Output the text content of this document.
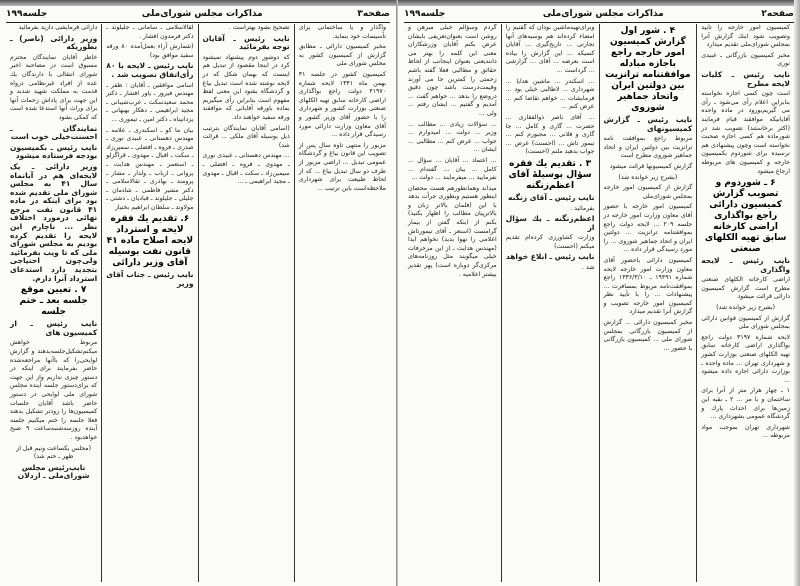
صفحه۳
مذاکرات مجلس شورای‌ملی
جلسه۱۹۹

واگذار و یا ساختمانی برای تأسیسات خود بنماید.

مخبر کمیسیون دارائی ـ مطابق گزارش از کمیسیون کشور به مجلس شورای ملی

کمیسیون کشور در جلسه ۳۱ بهمن ماه ۱۳۴۱ لایحه شماره ۴۱۹۷۰ دولت راجع بواگذاری اراضی کارخانه سابق تهیه الکلهای صنعتی بوزارت کشور و شهرداری را با حضور آقای وزیر کشور و آقای معاون وزارت دارائی مورد رسیدگی قرار داده ...

مزبور را منتهی تاوه سال پس از تصویب این قانون بیاغ و گردشگاه عمومی تبدیل ... اراضی مزبور از طرف دو سال تبدیل بیاغ ... که از لحاظ طبیعت برای شهرداری ملاحظه‌است باین ترتیب ...

تصحیح بشود بهتراست .

نایب رئیس ـ آقایان توجه بفرمائید

که دوشور دوم پیشنهاد نمیشود کرد در اینجا مقصود از تبدیل هم اینست که بهمان شکل که در لایحه نوشته شده است تبدیل بیاغ و گردشگاه بشود این معنی لفظ مفهوم است بنابراین رأی میگیریم بماده باورقه آقایانی که موافقند ورقه سفید خواهند داد.

(اسامی آقایان نمایندگان بترتیب ذیل بوسیله آقای ملکی ... قرائت شد)

... مهندس دهستانی ـ عبیدی نوری ـ مهدوی ـ فروه ـ افضلی ـ سیمین‌زاد ـ سکت ـ اقبال ـ مهدوی ـ مجید ابراهیمی ـ ...

لقالاسلامی ـ سامانی ـ جلیلوند ـ دکتر فرمدون افشار .

(شمارش آراء بعمل‌آمده ۸۰ ورقه سفید موافق بود)

نایب رئیس ـ لایحه با ۸۰ رأی‌اتفاق تصویب شد .

اسامی موافقین ـ آقایان : ظفر ـ مهندس فیروز ـ یاور افشار ـ دکتر محمد سعید‌سکت ـ عرب‌شیبانی ـ مجید ابراهیمی ـ دهکار بهبهانی ـ یزدانپناه ـ دکتر امین ـ تیموری ...

بیان ما کو ـ اسکندری ـ علامه ـ مهندس دهستانی ـ عبیدی نوری ـ صدری ـ فروه ـ افضلی ـ سمین‌زاد ـ سکت ـ اقبال ـ مهدوی ـ قراگزلو ـ استعمر ـ مهندس هدایت ـ پروانی ـ ارباب ـ ولدار ـ مشار ـ پرومند ـ بهادری ـ ثقالاسلامی ـ دکتر مشیر فاطمی ـ شادمان ـ جلیلی ـ جلیلوند ـ قبادیان ـ دشتی ـ مولاوند ـ سلطان ابراهیم بختیار

۶. تقدیم یك فقره لایحه و استرداد لایحه اصلاح ماده ۴۱ قانون نفت بوسیله آقای وزیر دارائی

نایب رئیس ـ جناب آقای وزیر

دارائی فرمایشی دارید بفرمائید

وزیر دارائی (ناصر) ـ بطوریکه

خاطر آقایان نمایندگان محترم مسبوق است در مصاحبه اخیر شورای انتقالی با دارندگان یك عده از افراد غیرنظامی درواه قدمت به مملکت شهید شدند و این جهت برای پاداش زحمات آنها برای وراث آنها استدعا شده است که کمکی بشود

نمایندگان ـ احسنت‌خیلی خوب است

نایب رئیس ـ بکمیسیون بودجه فرستاده میشود

وزیر دارائی ـ یک لایحه‌ای هم در آبانماه سال ۴۱ به مجلس شورای ملی تقدیم شده بود برای اینکه در ماده ۴۱ قانون نفت مرجع نهائی درمورد اختلاف نظر ... ناچارم این لایحه را تقدیم کرده بودیم به مجلس شورای ملی که تا ویب بفرمائید ولی‌چون احتیاجی بتجدید دارد استدعای استرداد آنرا دارم.

۷ . تعیین موقع جلسه بعد ـ ختم جلسه

نایب رئیس ـ از کمیسیون های

مربوط خواهش میکنم‌تشکیل‌جلسه‌بدهند و گزارش لوایحی‌را که باآنها مراجعه‌شده حاضر بفرمایند برای اینکه در دستور چیزی نداریم واز این جهت که برای‌دستور جلسه آینده مجلس شورای ملی لوایحی در دستور حاضر باشد آقایان جلسات کمیسیون‌ها را زودتر تشکیل بدهند فعلا جلسه را ختم میکنیم جلسه آینده روزسه‌شنبه‌ساعت ۹ صبح خواهدبود .

(مجلس یکساعت ونیم قبل از ظهر ـ ختم شد)

نایب‌رئیس مجلس شورای‌ملی ـ اردلان

صفحه۲
مذاکرات مجلس شورای‌ملی
جلسه۱۹۹

کمیسیون امور خارجه را تأیید وتصویب شود اینك گزارش آنرا بمجلس شورای‌ملی تقدیم میدارد

مخبر کمیسیون بازرگانی ـ عبیدی نوری

نایب رئیس ـ کلیات لایحه مطرح

است چون کسی اجازه نخواسته بنابراین اعلام رأی می‌شود ـ رأی می گیریم‌بورود در ماده واحده آقایانیکه موافقند قیام فرمایند (اکثر برخاستند) تصویب شد در شورماده هم کسی اجازه صحبت نخواسته است وچون پیشنهادی هم نرسیده برای شوردوم بکمیسیون خارجه و کمیسیون های مربوطه ارجاع میشود

۶ ـ شوردوم و تصویب گزارش کمیسیون دارائی راجع بواگذاری اراضی کارخانه سابق تهیه الکلهای صنعتی

نایب رئیس ـ لایحه واگذاری

اراضی کارخانه الکلهای صنعتی مطرح است گزارش کمیسیون دارائی قرائت میشود

(بشرح زیر خوانده شد)

گزارش از کمیسیون قوانین دارائی بمجلس شورای ملی

لایحه شماره ۳۱۹۷ دولت راجع بواگذاری اراضی کارخانه سابق تهیه الکلهای صنعتی بوزارت کشور و شهرداری تهران ... ماده واحده ـ بوزارت دارائی اجازه داده میشود ...

۱ ـ چهار هزار متر از آنرا برای ساختمان و با مر ... ۲ ـ بقیه این زمین‌ها برای احداث پارك و گردشگاه عمومی بشهرداری ...

شهرداری تهران بموجب مواد مربوطه ...

۴ . شور اول گزارش کمیسیون امور خارجه راجع باجازه مبادله موافقتنامه ترانزیت بین دولتین ایران واتحاد جماهیر شوروی

نایب رئیس ـ گزارش کمیسیونهای

مربوط راجع بموافقت نامه ترانزیت بین دولتین ایران و اتحاد جماهیر شوروی مطرح است

گزارش کمیسیونها قرائت میشود

(بشرح زیر خوانده شد)

گزارش از کمیسیون امور خارجه بمجلس شورای‌ملی

کمیسیون امور خارجه با حضور آقای معاون وزارت امور خارجه در جلسه ۲۰۹ ... لایحه دولت راجع بموافقتنامه ترانزیت ... دولتین ایران و اتحاد جماهیر شوروی ... را مورد رسیدگی قرار داده ...

کمیسیون دارائی باحضور آقای معاون وزارت امور خارجه لایحه شماره ۱۹۴۹۱ ـ ۱۳۳۶/۳/۱۰ راجع بموافقت‌نامه مربوط بمسافرت ... پیشنهادات ... را با تأیید نظر کمیسیون امور خارجه تصویب و گزارش آنرا تقدیم میدارد

مخبر کمیسیون دارائی ... گزارش از کمیسیون بازرگانی بمجلس شورای ملی ... کمیسیون بازرگانی با حضور ...

وبرای‌تهیه‌ماشین بودان که گفتیم را امضاء کرده‌اند هم بوسیه‌های آنها تجارتی ... تاریخ‌گیری ... آقایان کسیکه ... این گزارش را بیاده است بعرضه ... آقای ... گزارشی ... گرداست ...

... اسکندر ... ماشین هدایا ... شهرداری ... لاطالبی خیلی بود ... فرمایشات ... خواهم تقاضا کنم ... عرض کنم ...

... آقای ناصر ذوالفقاری ... حضرت ... گاری و کامل ... جا گاری و فلانی ... مجبورم کنم ... تیمور تاش ... (احسنت) عرض ... جواب بدهید ملتم (احسنت)

۳ . تقدیم یك فقره سؤال بوسیلهٔ آقای اعظم‌زنگنه

نایب رئیس ـ آقای زنگنه

بفرمائید .

اعظم‌زنگنه ـ یك سؤال از

وزارت کشاورزی کرده‌ام تقدیم میکنم (احسنت)

نایب رئیس ـ ابلاغ خواهد

شد .

گردم وسؤالم خیلی مبرهن و روشن است بعنوان‌تعریفی بایشان عرض بکنم آقایان وزرشکاران معنی این کلمه را بهتر می دانند‌یعنی بعنوان اینجانب از لحاظ حقائق و مطالبی فعلا گفته باشم زحمتی را کمترین جا می آورند وقیمت‌درست باشد چون دقیق دروضع را بدهد ... خواهم گفت ... آمدیم و گفتیم ... ایشان رفتم ... ولی ...

... سؤالات زیادی ... مطالب ... وزیر ... دولت ... امیدوارم ... جواب ... عرض کنم ... مطالبی ... ایشان ...

... اعتماد ... آقایان ... سؤال ... کامل ... بیان ... گفته‌ام ... نفرمایید ... میفرمایند ... دولت ...

میداند وهمانطورهم هست محصان اینطور هستیم وبطوری جرأت بدهد با این (فلمان بالاتر زبان و بالاترپیان مطالب را اظهار بکنید) بکنم از اینکه گفتن از بیمار گرامست (استعر ـ آقای تیمورتاش اعلامی را تهوا بدید) نخواهم ایدا (مهندس هدایت ـ از این مزخرفات خیلی میگویند مثل روزنامه‌های مرکزی‌گر دوباره است) پهر تقدیر بیشتر اعلامیه .
